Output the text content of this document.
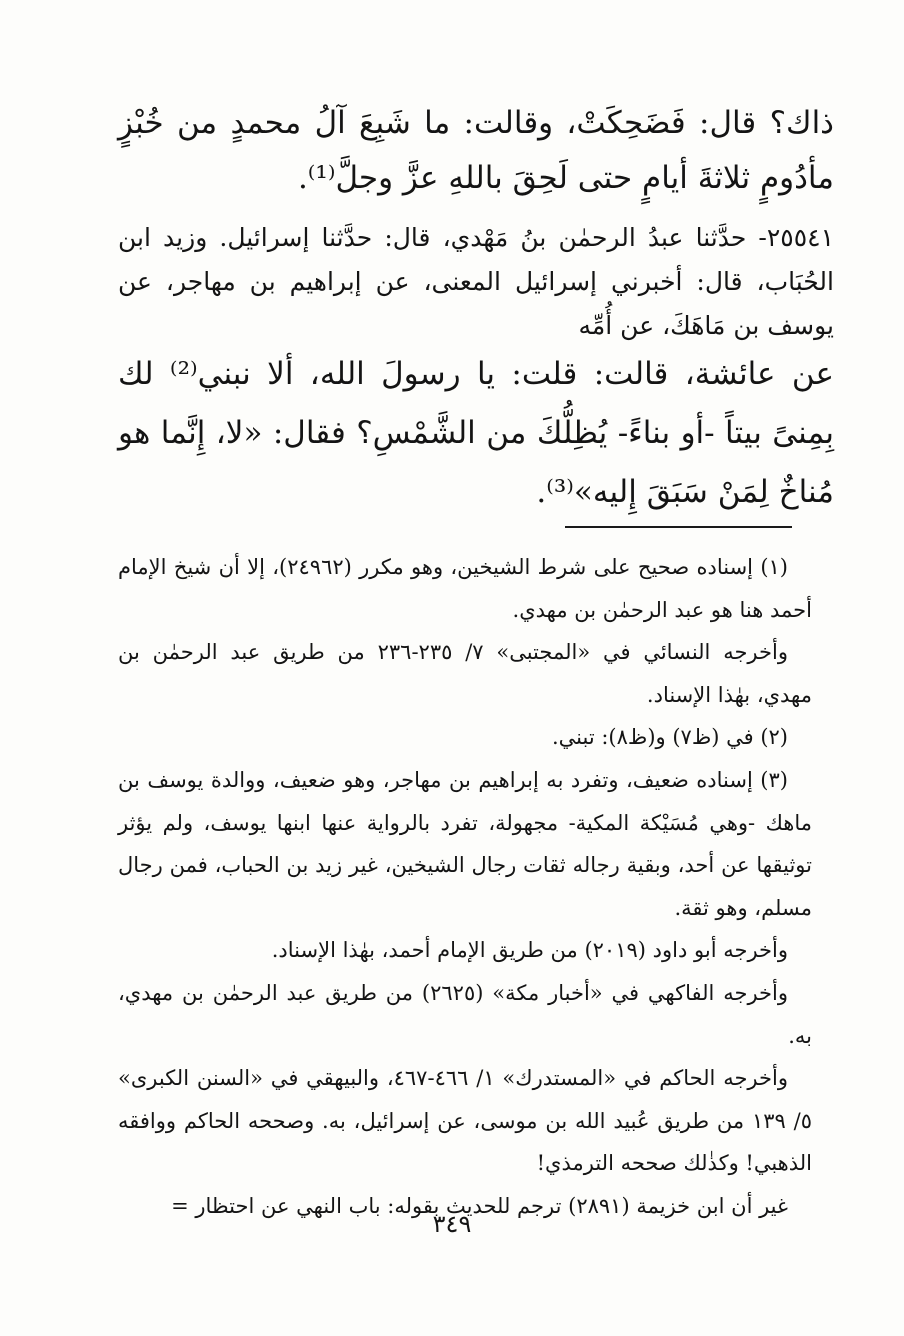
ذاك؟ قال: فَضَحِكَتْ، وقالت: ما شَبِعَ آلُ محمدٍ من خُبْزٍ مأدُومٍ ثلاثةَ أيامٍ حتى لَحِقَ باللهِ عزَّ وجلَّ⁽¹⁾.

٢٥٥٤١- حدَّثنا عبدُ الرحمٰن بنُ مَهْدي، قال: حدَّثنا إسرائيل. وزيد ابن الحُبَاب، قال: أخبرني إسرائيل المعنى، عن إبراهيم بن مهاجر، عن يوسف بن مَاهَكَ، عن أُمِّه

عن عائشة، قالت: قلت: يا رسولَ الله، ألا نبني⁽²⁾ لك بِمِنىً بيتاً -أو بناءً- يُظِلُّكَ من الشَّمْسِ؟ فقال: «لا، إِنَّما هو مُناخٌ لِمَنْ سَبَقَ إِليه»⁽³⁾.

(١) إسناده صحيح على شرط الشيخين، وهو مكرر (٢٤٩٦٢)، إلا أن شيخ الإمام أحمد هنا هو عبد الرحمٰن بن مهدي.

وأخرجه النسائي في «المجتبى» ٧/ ٢٣٥-٢٣٦ من طريق عبد الرحمٰن بن مهدي، بهٰذا الإسناد.

(٢) في (ظ٧) و(ظ٨): تبني.

(٣) إسناده ضعيف، وتفرد به إبراهيم بن مهاجر، وهو ضعيف، ووالدة يوسف بن ماهك -وهي مُسَيْكة المكية- مجهولة، تفرد بالرواية عنها ابنها يوسف، ولم يؤثر توثيقها عن أحد، وبقية رجاله ثقات رجال الشيخين، غير زيد بن الحباب، فمن رجال مسلم، وهو ثقة.

وأخرجه أبو داود (٢٠١٩) من طريق الإمام أحمد، بهٰذا الإسناد.

وأخرجه الفاكهي في «أخبار مكة» (٢٦٢٥) من طريق عبد الرحمٰن بن مهدي، به.

وأخرجه الحاكم في «المستدرك» ١/ ٤٦٦-٤٦٧، والبيهقي في «السنن الكبرى» ٥/ ١٣٩ من طريق عُبيد الله بن موسى، عن إسرائيل، به. وصححه الحاكم ووافقه الذهبي! وكذٰلك صححه الترمذي!

غير أن ابن خزيمة (٢٨٩١) ترجم للحديث بقوله: باب النهي عن احتظار =

٣٤٩
